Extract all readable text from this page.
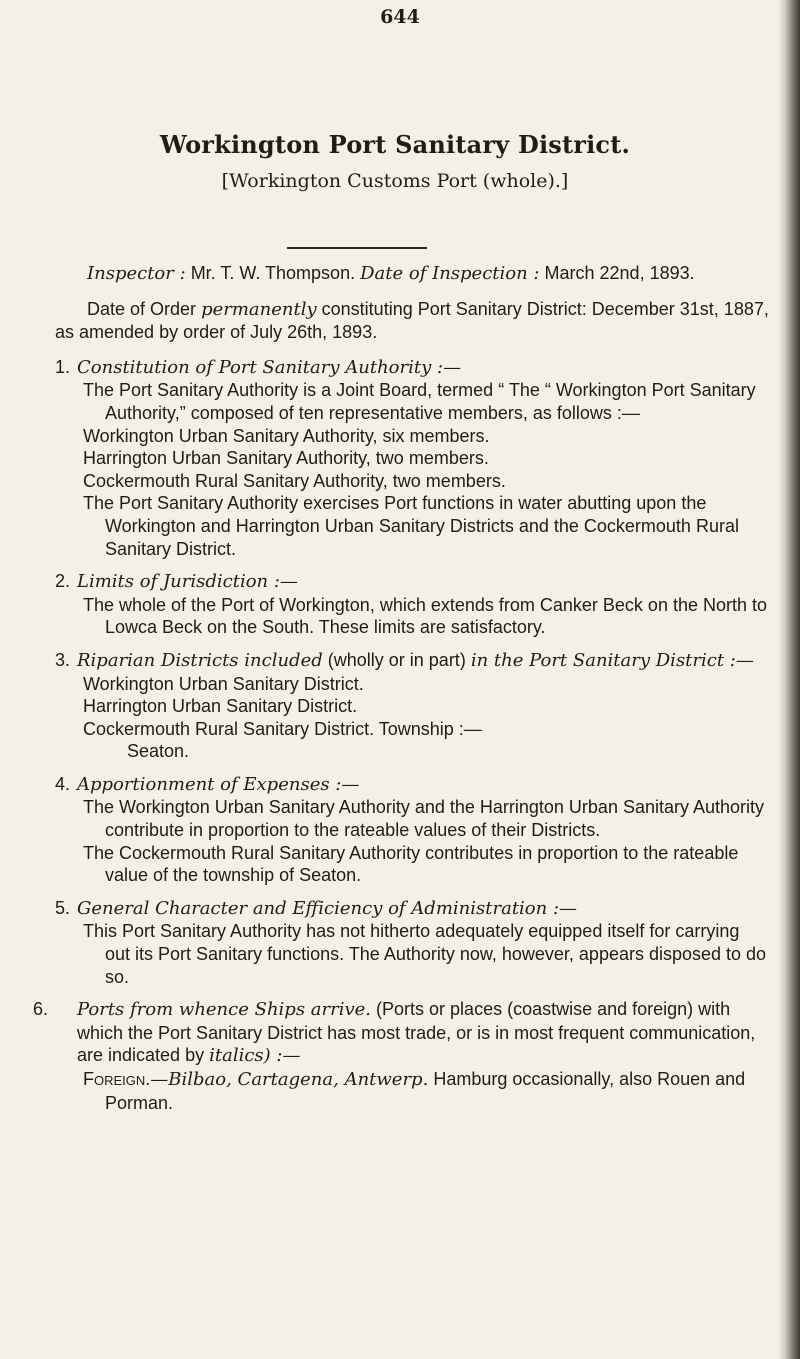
644
Workington Port Sanitary District.
[Workington Customs Port (whole).]

Inspector : Mr. T. W. Thompson. Date of Inspection : March 22nd, 1893.

Date of Order permanently constituting Port Sanitary District: December 31st, 1887, as amended by order of July 26th, 1893.

1. Constitution of Port Sanitary Authority :—
The Port Sanitary Authority is a Joint Board, termed “ The “ Workington Port Sanitary Authority,” composed of ten representative members, as follows :—
Workington Urban Sanitary Authority, six members.
Harrington Urban Sanitary Authority, two members.
Cockermouth Rural Sanitary Authority, two members.
The Port Sanitary Authority exercises Port functions in water abutting upon the Workington and Harrington Urban Sanitary Districts and the Cockermouth Rural Sanitary District.
2. Limits of Jurisdiction :—
The whole of the Port of Workington, which extends from Canker Beck on the North to Lowca Beck on the South. These limits are satisfactory.
3. Riparian Districts included (wholly or in part) in the Port Sanitary District :—
Workington Urban Sanitary District.
Harrington Urban Sanitary District.
Cockermouth Rural Sanitary District. Township :—
Seaton.
4. Apportionment of Expenses :—
The Workington Urban Sanitary Authority and the Harrington Urban Sanitary Authority contribute in proportion to the rateable values of their Districts.
The Cockermouth Rural Sanitary Authority contributes in proportion to the rateable value of the township of Seaton.
5. General Character and Efficiency of Administration :—
This Port Sanitary Authority has not hitherto adequately equipped itself for carrying out its Port Sanitary functions. The Authority now, however, appears disposed to do so.
6. Ports from whence Ships arrive. (Ports or places (coastwise and foreign) with which the Port Sanitary District has most trade, or is in most frequent communication, are indicated by italics) :—
Foreign.—Bilbao, Cartagena, Antwerp. Hamburg occasionally, also Rouen and Porman.
